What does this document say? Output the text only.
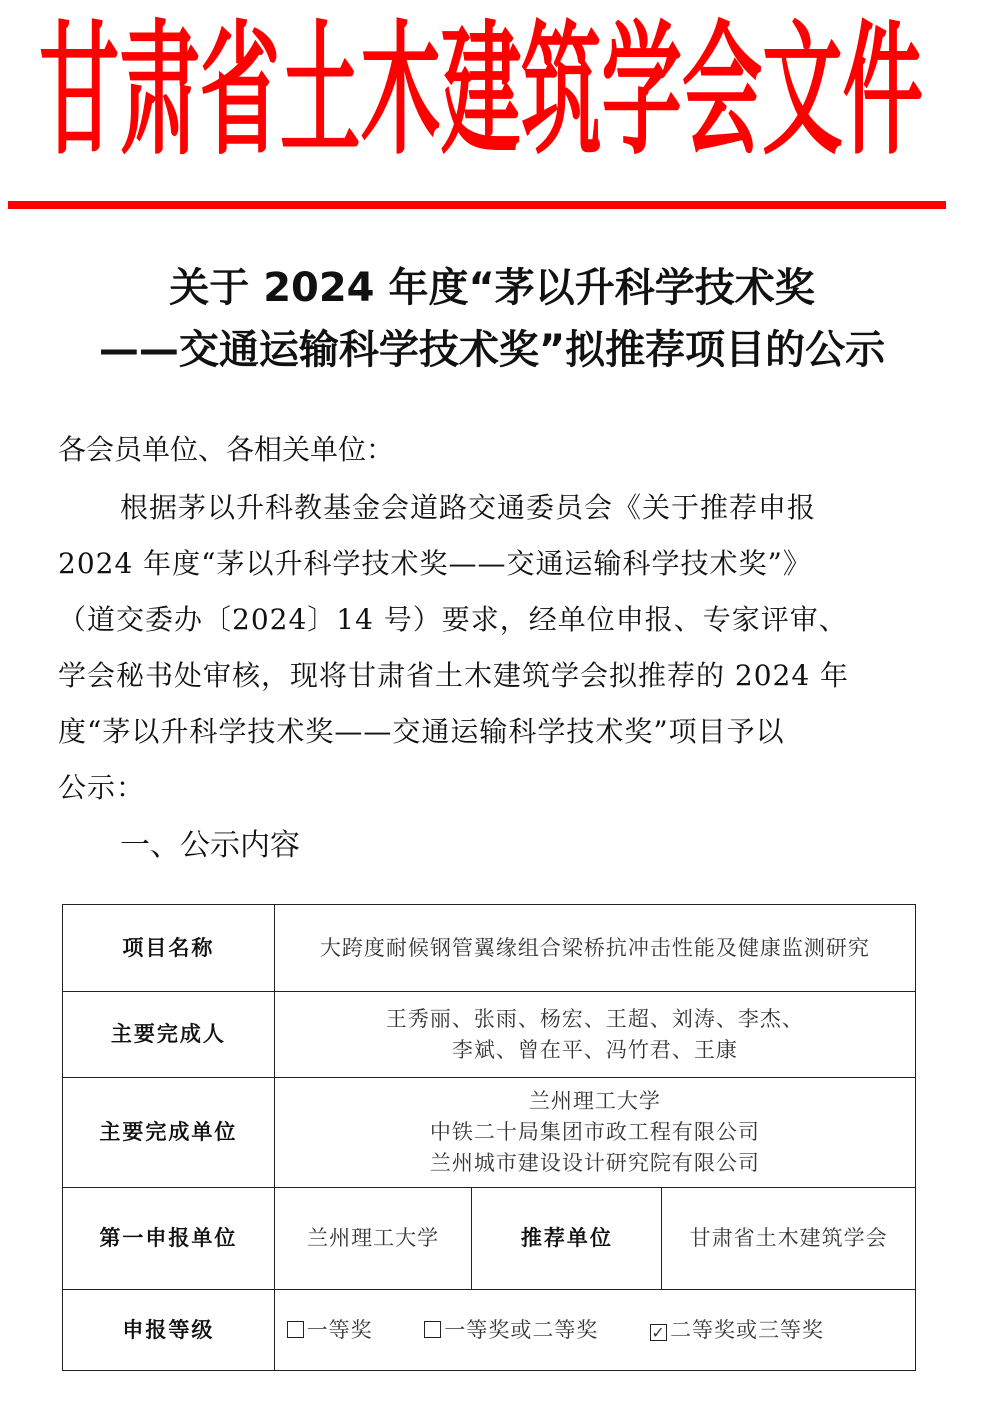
甘肃省土木建筑学会文件
关于 2024 年度“茅以升科学技术奖
——交通运输科学技术奖”拟推荐项目的公示
各会员单位、各相关单位：
根据茅以升科教基金会道路交通委员会《关于推荐申报
2024 年度“茅以升科学技术奖——交通运输科学技术奖”》
（道交委办〔2024〕14 号）要求，经单位申报、专家评审、
学会秘书处审核，现将甘肃省土木建筑学会拟推荐的 2024 年
度“茅以升科学技术奖——交通运输科学技术奖”项目予以
公示：
一、公示内容
项目名称	大跨度耐候钢管翼缘组合梁桥抗冲击性能及健康监测研究		
主要完成人	王秀丽、张雨、杨宏、王超、刘涛、李杰、
李斌、曾在平、冯竹君、王康		

主要完成单位	兰州理工大学
中铁二十局集团市政工程有限公司
兰州城市建设设计研究院有限公司		

第一申报单位	兰州理工大学	推荐单位	甘肃省土木建筑学会
申报等级	一等奖 一等奖或二等奖 ✓ 二等奖或三等奖		
